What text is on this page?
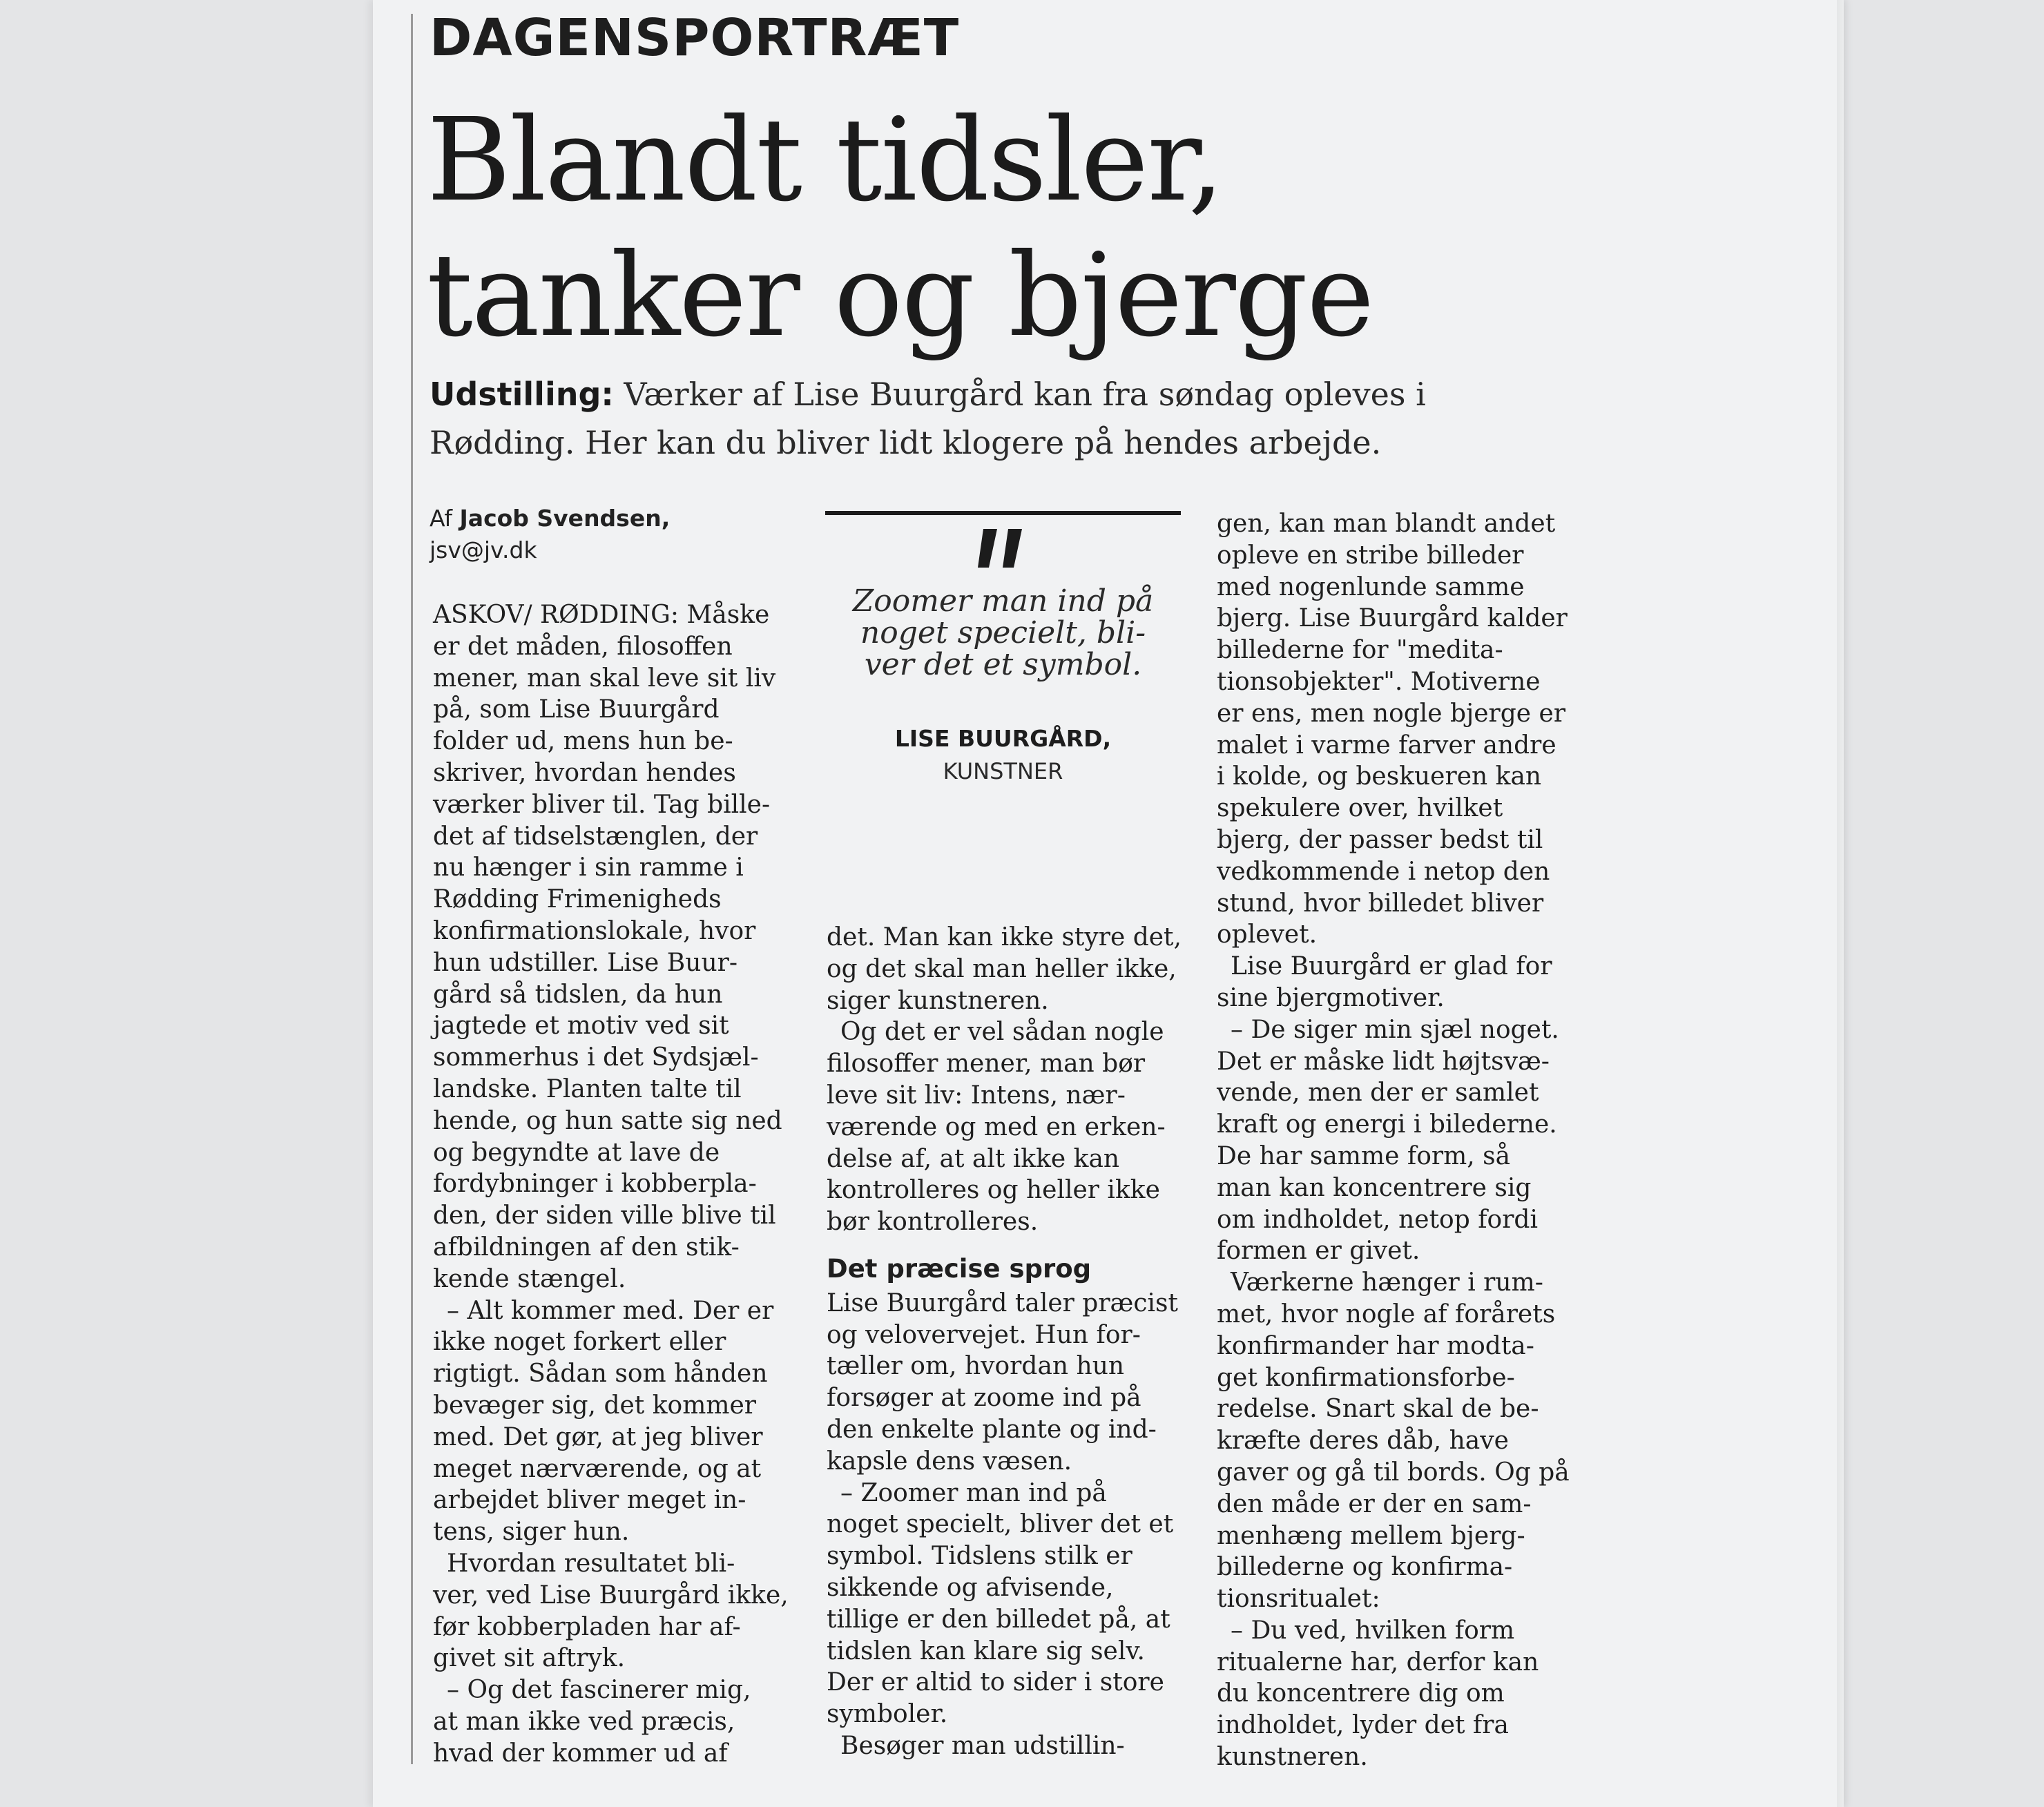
DAGENSPORTRÆT
Blandt tidsler,
tanker og bjerge
Udstilling: Værker af Lise Buurgård kan fra søndag opleves i
Rødding. Her kan du bliver lidt klogere på hendes arbejde.
Af Jacob Svendsen,
jsv@jv.dk

ASKOV/ RØDDING: Måske

er det måden, filosoffen

mener, man skal leve sit liv

på, som Lise Buurgård

folder ud, mens hun be-

skriver, hvordan hendes

værker bliver til. Tag bille-

det af tidselstænglen, der

nu hænger i sin ramme i

Rødding Frimenigheds

konfirmationslokale, hvor

hun udstiller. Lise Buur-

gård så tidslen, da hun

jagtede et motiv ved sit

sommerhus i det Sydsjæl-

landske. Planten talte til

hende, og hun satte sig ned

og begyndte at lave de

fordybninger i kobberpla-

den, der siden ville blive til

afbildningen af den stik-

kende stængel.

– Alt kommer med. Der er

ikke noget forkert eller

rigtigt. Sådan som hånden

bevæger sig, det kommer

med. Det gør, at jeg bliver

meget nærværende, og at

arbejdet bliver meget in-

tens, siger hun.

Hvordan resultatet bli-

ver, ved Lise Buurgård ikke,

før kobberpladen har af-

givet sit aftryk.

– Og det fascinerer mig,

at man ikke ved præcis,

hvad der kommer ud af

Zoomer man ind på
noget specielt, bli-
ver det et symbol.
LISE BUURGÅRD,
KUNSTNER

det. Man kan ikke styre det,

og det skal man heller ikke,

siger kunstneren.

Og det er vel sådan nogle

filosoffer mener, man bør

leve sit liv: Intens, nær-

værende og med en erken-

delse af, at alt ikke kan

kontrolleres og heller ikke

bør kontrolleres.

Det præcise sprog

Lise Buurgård taler præcist

og velovervejet. Hun for-

tæller om, hvordan hun

forsøger at zoome ind på

den enkelte plante og ind-

kapsle dens væsen.

– Zoomer man ind på

noget specielt, bliver det et

symbol. Tidslens stilk er

sikkende og afvisende,

tillige er den billedet på, at

tidslen kan klare sig selv.

Der er altid to sider i store

symboler.

Besøger man udstillin-

gen, kan man blandt andet

opleve en stribe billeder

med nogenlunde samme

bjerg. Lise Buurgård kalder

billederne for "medita-

tionsobjekter". Motiverne

er ens, men nogle bjerge er

malet i varme farver andre

i kolde, og beskueren kan

spekulere over, hvilket

bjerg, der passer bedst til

vedkommende i netop den

stund, hvor billedet bliver

oplevet.

Lise Buurgård er glad for

sine bjergmotiver.

– De siger min sjæl noget.

Det er måske lidt højtsvæ-

vende, men der er samlet

kraft og energi i bilederne.

De har samme form, så

man kan koncentrere sig

om indholdet, netop fordi

formen er givet.

Værkerne hænger i rum-

met, hvor nogle af forårets

konfirmander har modta-

get konfirmationsforbe-

redelse. Snart skal de be-

kræfte deres dåb, have

gaver og gå til bords. Og på

den måde er der en sam-

menhæng mellem bjerg-

billederne og konfirma-

tionsritualet:

– Du ved, hvilken form

ritualerne har, derfor kan

du koncentrere dig om

indholdet, lyder det fra

kunstneren.
